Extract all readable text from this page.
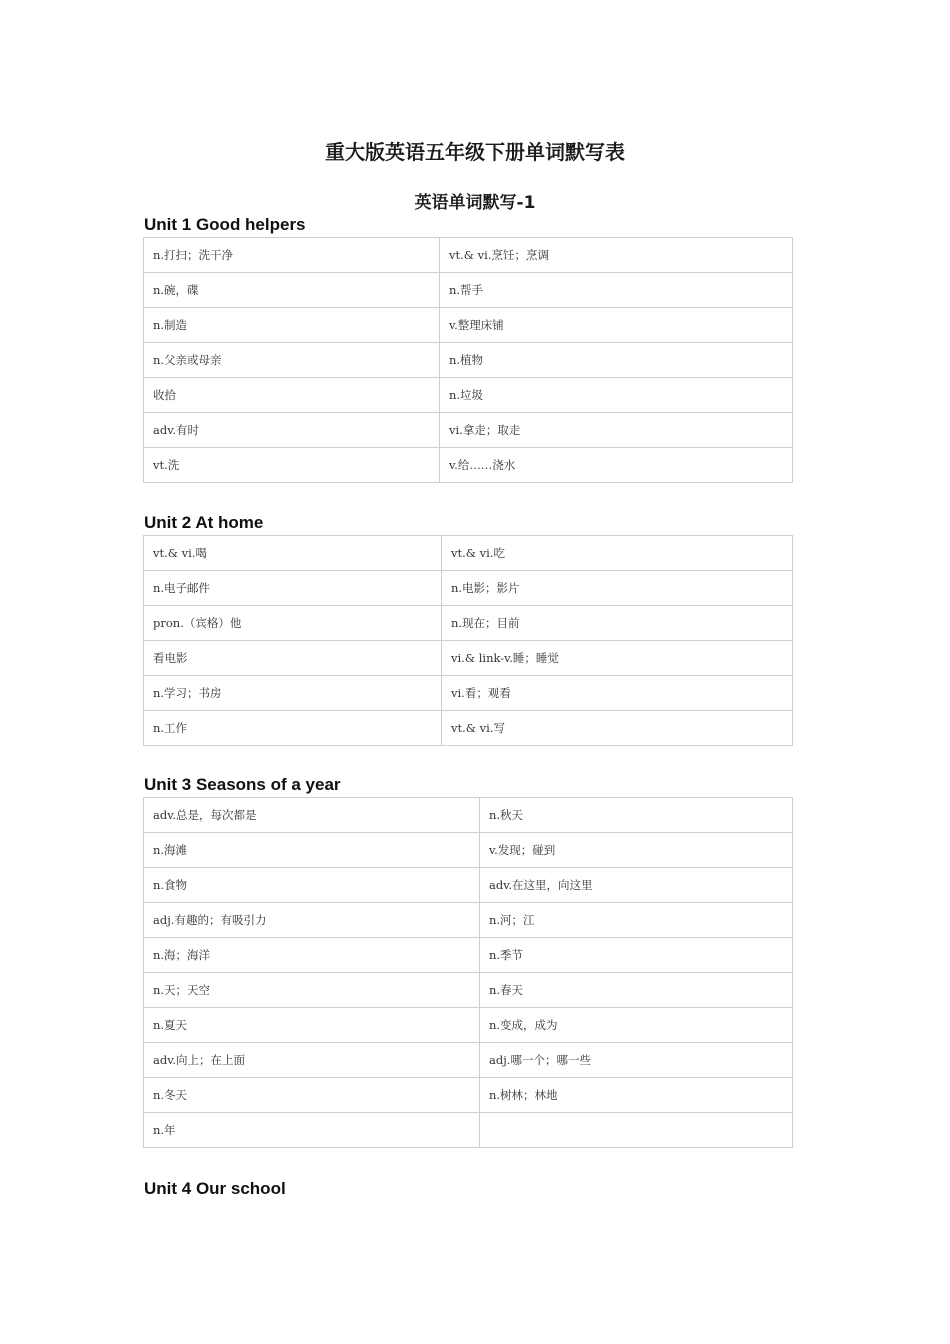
重大版英语五年级下册单词默写表
英语单词默写-1
Unit 1 Good helpers
n.打扫；洗干净	vt.& vi.烹饪；烹调
n.碗，碟	n.帮手
n.制造	v.整理床铺
n.父亲或母亲	n.植物
收拾	n.垃圾
adv.有时	vi.拿走；取走
vt.洗	v.给……浇水
Unit 2 At home
vt.& vi.喝	vt.& vi.吃
n.电子邮件	n.电影；影片
pron.（宾格）他	n.现在；目前
看电影	vi.& link-v.睡；睡觉
n.学习；书房	vi.看；观看
n.工作	vt.& vi.写
Unit 3 Seasons of a year
adv.总是，每次都是	n.秋天
n.海滩	v.发现；碰到
n.食物	adv.在这里，向这里
adj.有趣的；有吸引力	n.河；江
n.海；海洋	n.季节
n.天；天空	n.春天
n.夏天	n.变成，成为
adv.向上；在上面	adj.哪一个；哪一些
n.冬天	n.树林；林地
n.年	
Unit 4 Our school
